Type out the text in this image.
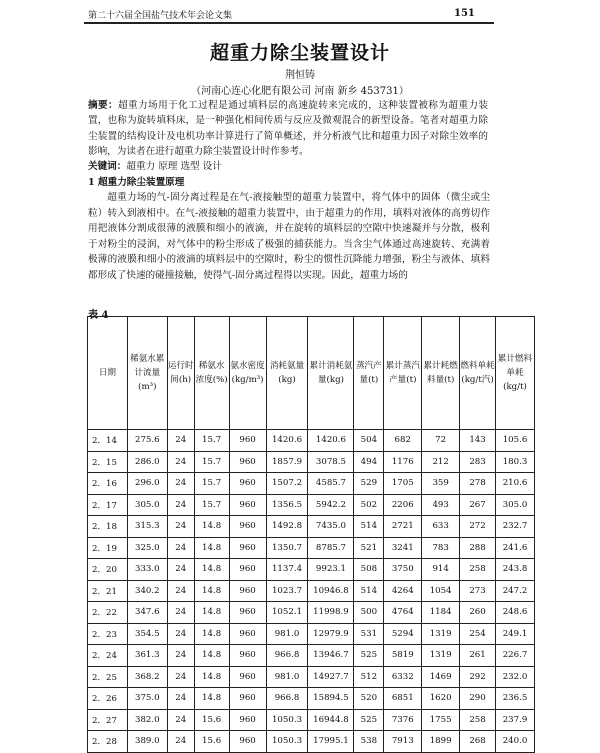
第二十六届全国盐气技术年会论文集	151
超重力除尘装置设计
荆恒铸
（河南心连心化肥有限公司 河南 新乡 453731）
摘要：超重力场用于化工过程是通过填料层的高速旋转来完成的，这种装置被称为超重力装置，也称为旋转填料床，是一种强化相间传质与反应及微观混合的新型设备。笔者对超重力除尘装置的结构设计及电机功率计算进行了简单概述，并分析液气比和超重力因子对除尘效率的影响，为读者在进行超重力除尘装置设计时作参考。
关键词：超重力 原理 选型 设计
1 超重力除尘装置原理
超重力场的气-固分离过程是在气-液接触型的超重力装置中，将气体中的固体（微尘或尘粒）转入到液相中。在气-液接触的超重力装置中，由于超重力的作用，填料对液体的高剪切作用把液体分割成很薄的液膜和细小的液滴，并在旋转的填料层的空隙中快速凝并与分散，极利于对粉尘的浸润，对气体中的粉尘形成了极强的捕获能力。当含尘气体通过高速旋转、充满着极薄的液膜和细小的液滴的填料层中的空隙时，粉尘的惯性沉降能力增强，粉尘与液体、填料都形成了快速的碰撞接触，使得气-固分离过程得以实现。因此，超重力场的
表 4
日期	稀氨水累计流量(m³)	运行时间(h)	稀氨水浓度(%)	氨水密度(kg/m³)	消耗氨量(kg)	累计消耗氨量(kg)	蒸汽产量(t)	累计蒸汽产量(t)	累计耗燃料量(t)	燃料单耗(kg/t汽)	累计燃料单耗(kg/t)
2．14	275.6	24	15.7	960	1420.6	1420.6	504	682	72	143	105.6
2．15	286.0	24	15.7	960	1857.9	3078.5	494	1176	212	283	180.3
2．16	296.0	24	15.7	960	1507.2	4585.7	529	1705	359	278	210.6
2．17	305.0	24	15.7	960	1356.5	5942.2	502	2206	493	267	305.0
2．18	315.3	24	14.8	960	1492.8	7435.0	514	2721	633	272	232.7
2．19	325.0	24	14.8	960	1350.7	8785.7	521	3241	783	288	241.6
2．20	333.0	24	14.8	960	1137.4	9923.1	508	3750	914	258	243.8
2．21	340.2	24	14.8	960	1023.7	10946.8	514	4264	1054	273	247.2
2．22	347.6	24	14.8	960	1052.1	11998.9	500	4764	1184	260	248.6
2．23	354.5	24	14.8	960	981.0	12979.9	531	5294	1319	254	249.1
2．24	361.3	24	14.8	960	966.8	13946.7	525	5819	1319	261	226.7
2．25	368.2	24	14.8	960	981.0	14927.7	512	6332	1469	292	232.0
2．26	375.0	24	14.8	960	966.8	15894.5	520	6851	1620	290	236.5
2．27	382.0	24	15.6	960	1050.3	16944.8	525	7376	1755	258	237.9
2．28	389.0	24	15.6	960	1050.3	17995.1	538	7913	1899	268	240.0
